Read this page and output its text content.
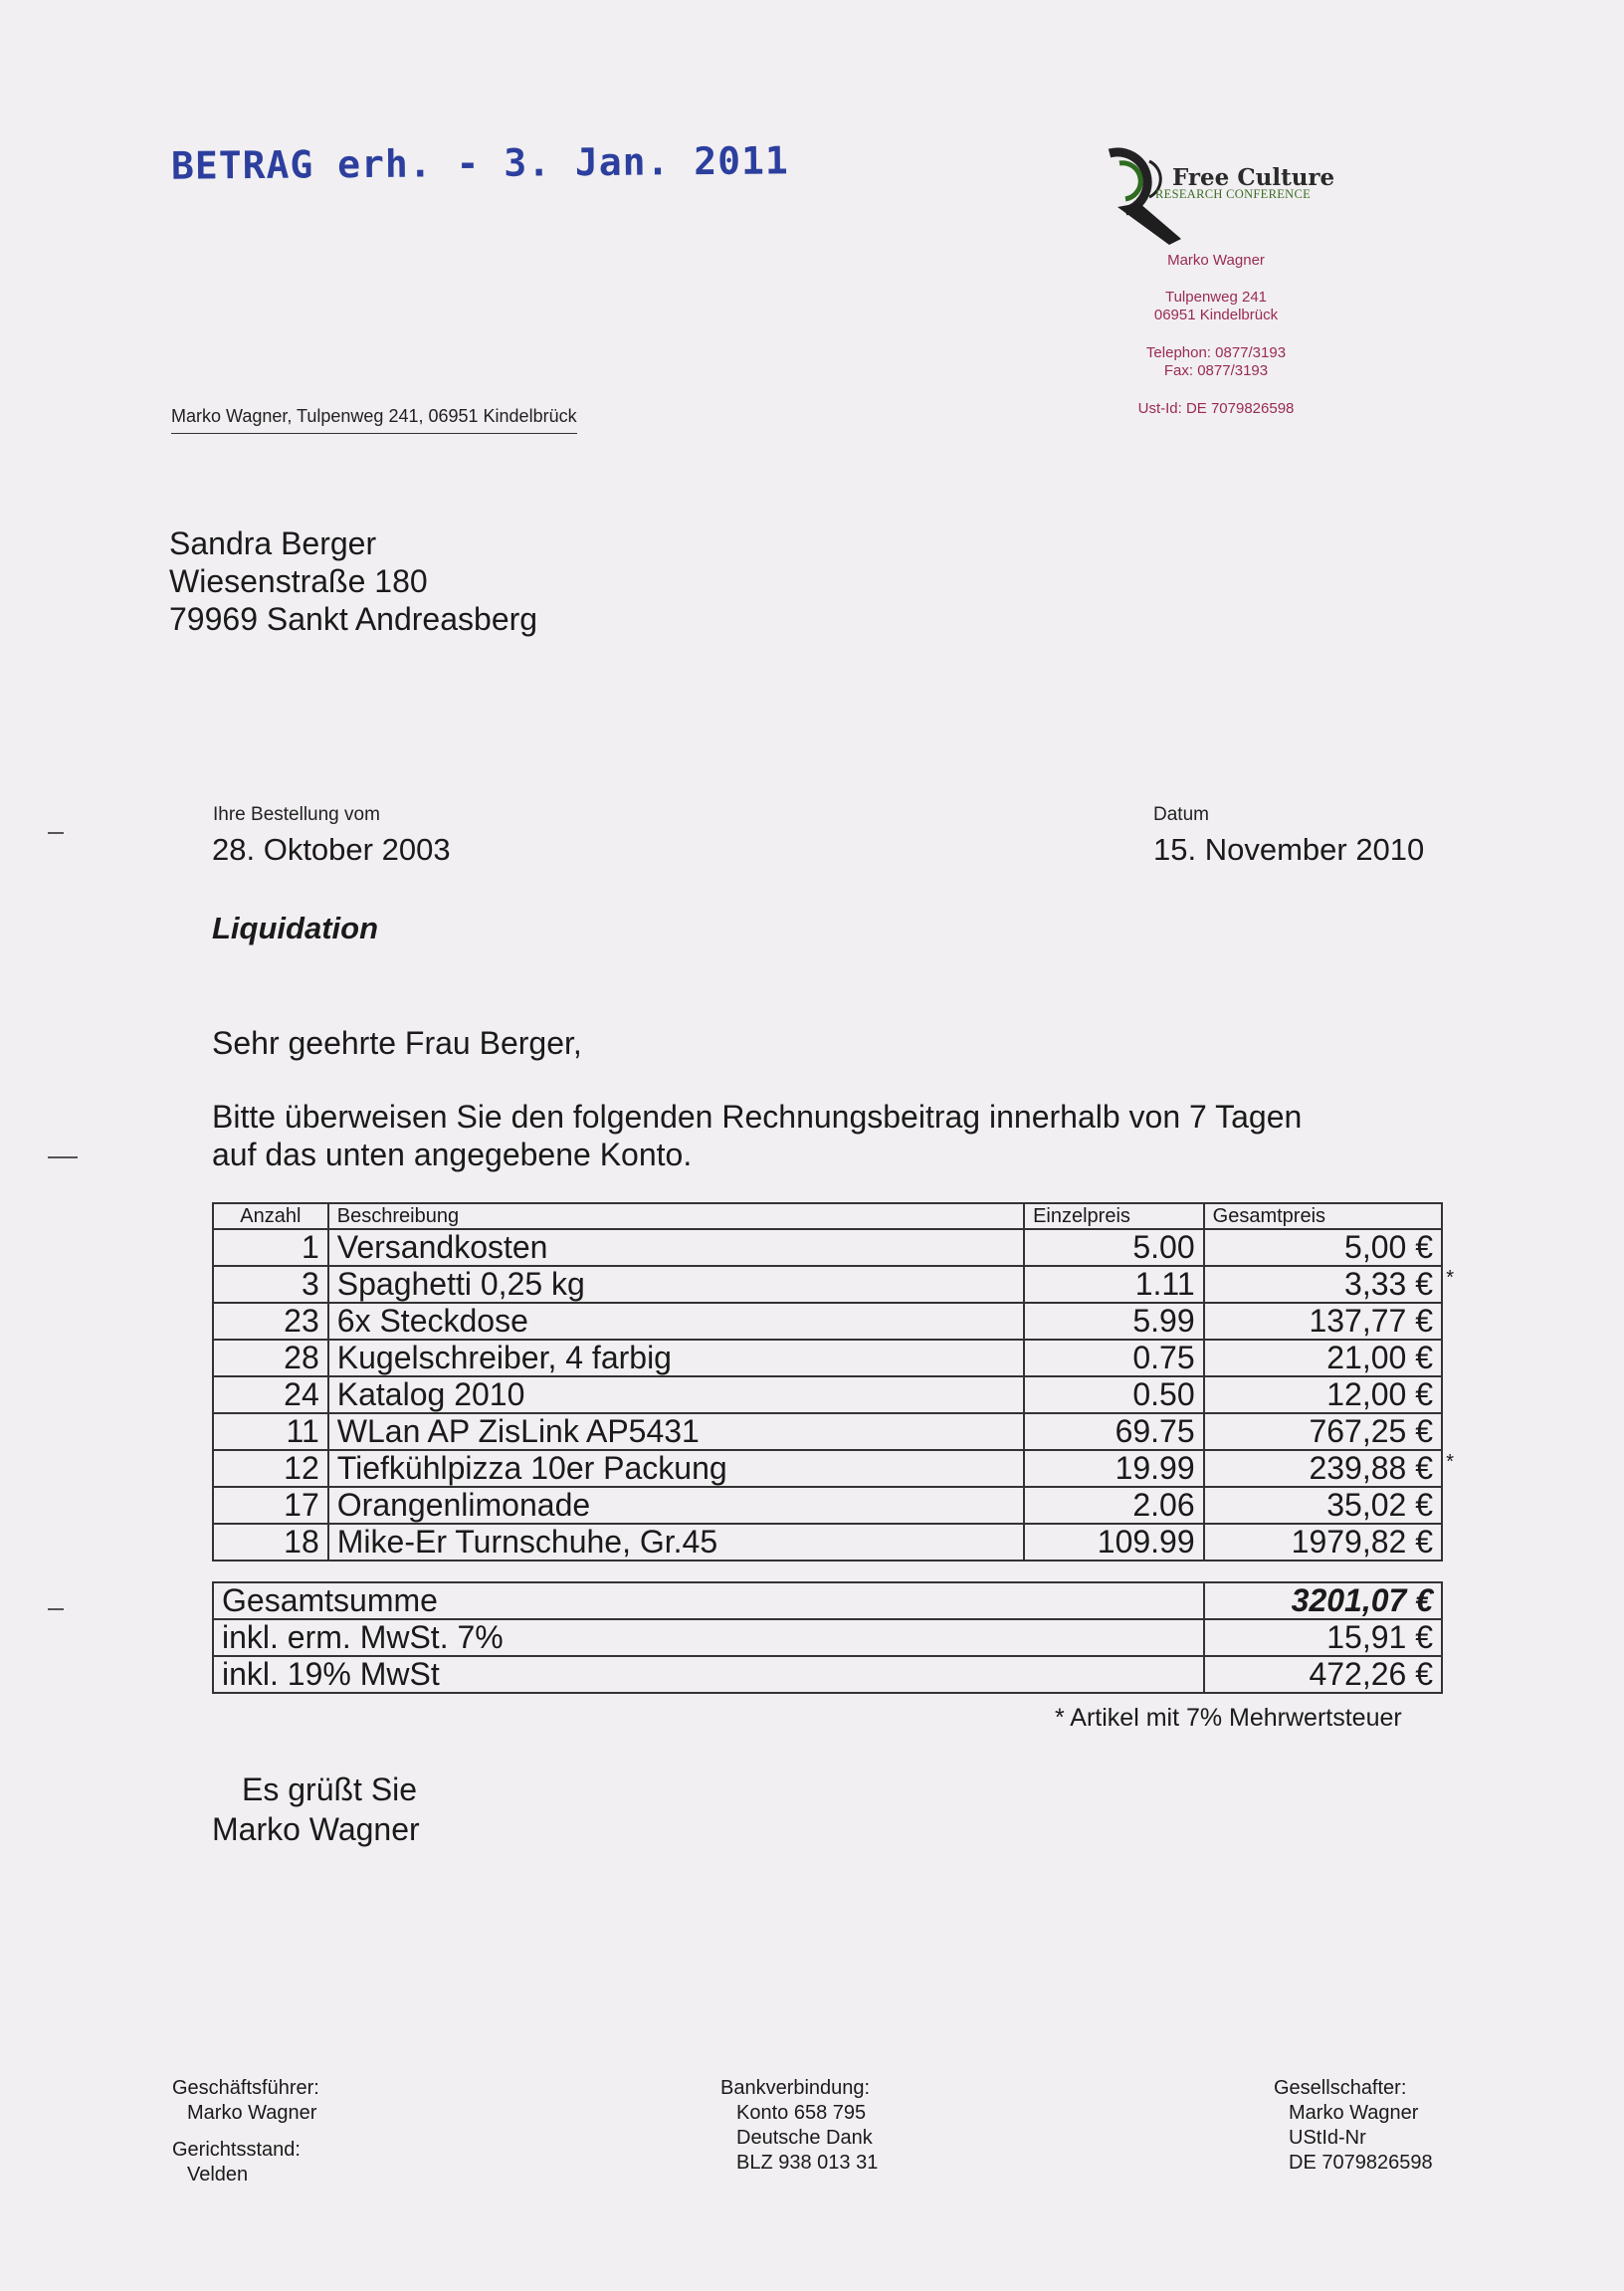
BETRAG erh. - 3. Jan. 2011	Free Culture
RESEARCH CONFERENCE
Marko Wagner
Tulpenweg 241
06951 Kindelbrück
Telephon: 0877/3193
Fax: 0877/3193
Ust-Id: DE 7079826598
Marko Wagner, Tulpenweg 241, 06951 Kindelbrück
Sandra Berger
Wiesenstraße 180
79969 Sankt Andreasberg
Ihre Bestellung vom
28. Oktober 2003
Datum
15. November 2010
Liquidation
Sehr geehrte Frau Berger,
Bitte überweisen Sie den folgenden Rechnungsbeitrag innerhalb von 7 Tagen
auf das unten angegebene Konto.
Anzahl	Beschreibung	Einzelpreis	Gesamtpreis
1	Versandkosten	5.00	5,00 €

3	Spaghetti 0,25 kg	1.11	3,33 € *

23	6x Steckdose	5.99	137,77 €

28	Kugelschreiber, 4 farbig	0.75	21,00 €

24	Katalog 2010	0.50	12,00 €

11	WLan AP ZisLink AP5431	69.75	767,25 €

12	Tiefkühlpizza 10er Packung	19.99	239,88 € *

17	Orangenlimonade	2.06	35,02 €

18	Mike-Er Turnschuhe, Gr.45	109.99	1979,82 €
Gesamtsumme	3201,07 €
inkl. erm. MwSt. 7%	15,91 €
inkl. 19% MwSt	472,26 €
* Artikel mit 7% Mehrwertsteuer
Es grüßt Sie
Marko Wagner
Geschäftsführer:
Marko Wagner
Gerichtsstand:
Velden
Bankverbindung:
Konto 658 795
Deutsche Dank
BLZ 938 013 31
Gesellschafter:
Marko Wagner
UStId-Nr
DE 7079826598
